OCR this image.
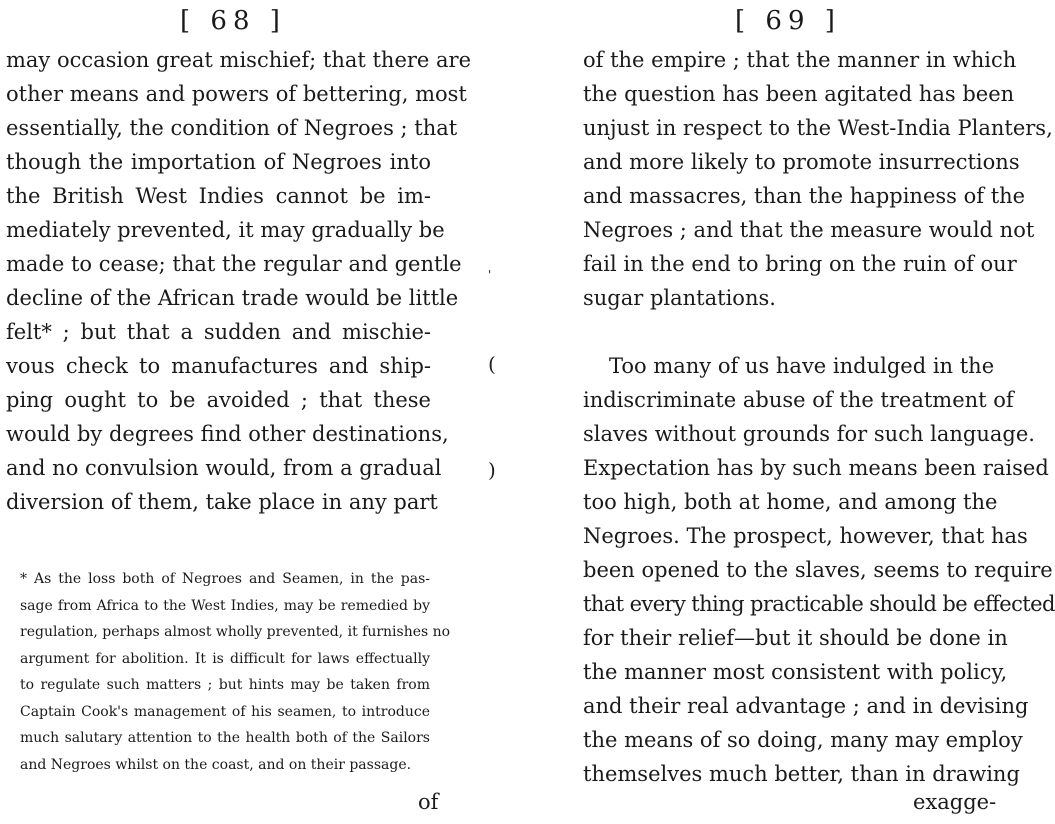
[ 68 ]
may occasion great mischief; that there are
other means and powers of bettering, most
essentially, the condition of Negroes ; that
though the importation of Negroes into
the British West Indies cannot be im-
mediately prevented, it may gradually be
made to cease; that the regular and gentle
decline of the African trade would be little
felt* ; but that a sudden and mischie-
vous check to manufactures and ship-
ping ought to be avoided ; that these
would by degrees find other destinations,
and no convulsion would, from a gradual
diversion of them, take place in any part
* As the loss both of Negroes and Seamen, in the pas-
sage from Africa to the West Indies, may be remedied by
regulation, perhaps almost wholly prevented, it furnishes no
argument for abolition. It is difficult for laws effectually
to regulate such matters ; but hints may be taken from
Captain Cook's management of his seamen, to introduce
much salutary attention to the health both of the Sailors
and Negroes whilst on the coast, and on their passage.
of
'
(
)
[ 69 ]
of the empire ; that the manner in which
the question has been agitated has been
unjust in respect to the West-India Planters,
and more likely to promote insurrections
and massacres, than the happiness of the
Negroes ; and that the measure would not
fail in the end to bring on the ruin of our
sugar plantations.
Too many of us have indulged in the
indiscriminate abuse of the treatment of
slaves without grounds for such language.
Expectation has by such means been raised
too high, both at home, and among the
Negroes. The prospect, however, that has
been opened to the slaves, seems to require
that every thing practicable should be effected
for their relief—but it should be done in
the manner most consistent with policy,
and their real advantage ; and in devising
the means of so doing, many may employ
themselves much better, than in drawing
exagge-
